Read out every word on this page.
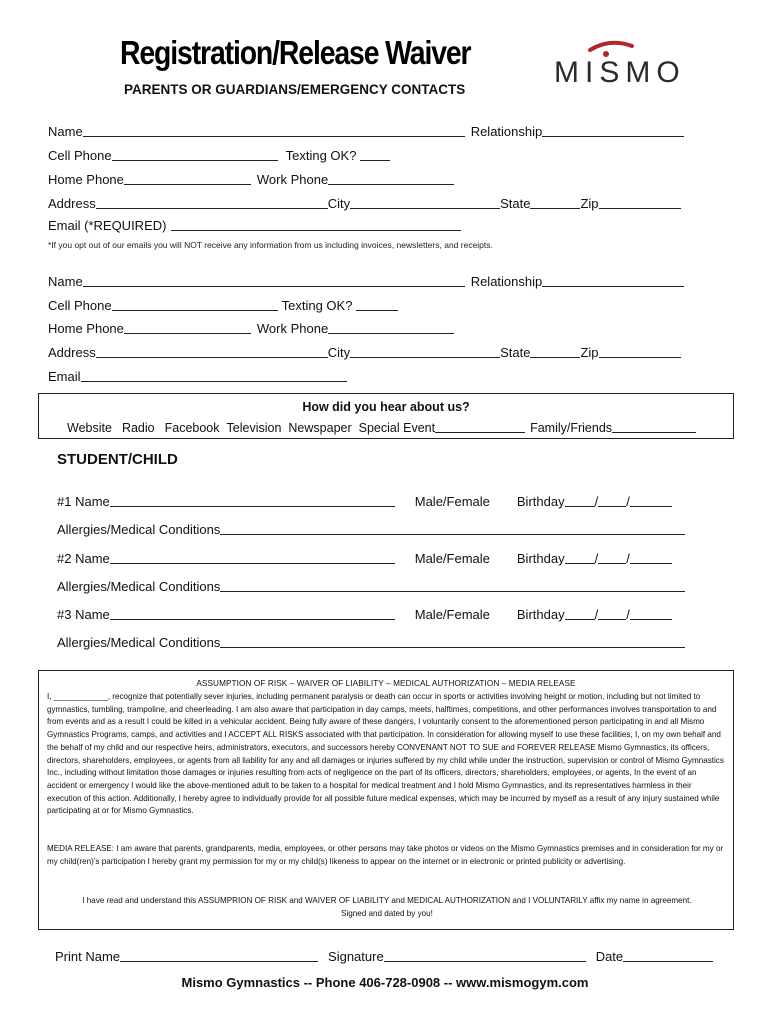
Registration/Release Waiver
PARENTS OR GUARDIANS/EMERGENCY CONTACTS
MISMO
Name	Relationship
Cell Phone	Texting OK?
Home Phone	Work Phone
Address	City	State	Zip
Email (*REQUIRED)
*If you opt out of our emails you will NOT receive any information from us including invoices, newsletters, and receipts.
Name	Relationship
Cell Phone	Texting OK?
Home Phone	Work Phone
Address	City	State	Zip
Email
How did you hear about us?
Website Radio Facebook Television Newspaper Special Event	Family/Friends
STUDENT/CHILD
#1 Name	Male/Female Birthday / /
Allergies/Medical Conditions
#2 Name	Male/Female Birthday / /
Allergies/Medical Conditions
#3 Name	Male/Female Birthday / /
Allergies/Medical Conditions
ASSUMPTION OF RISK – WAIVER OF LIABILITY – MEDICAL AUTHORIZATION – MEDIA RELEASE
I, ____________, recognize that potentially sever injuries, including permanent paralysis or death can occur in sports or activities involving height or motion, including but not limited to gymnastics, tumbling, trampoline, and cheerleading. I am also aware that participation in day camps, meets, halftimes, competitions, and other performances involves transportation to and from events and as a result I could be killed in a vehicular accident. Being fully aware of these dangers, I voluntarily consent to the aforementioned person participating in and all Mismo Gymnastics Programs, camps, and activities and I ACCEPT ALL RISKS associated with that participation. In consideration for allowing myself to use these facilities, I, on my own behalf and the behalf of my child and our respective heirs, administrators, executors, and successors hereby CONVENANT NOT TO SUE and FOREVER RELEASE Mismo Gymnastics, its officers, directors, shareholders, employees, or agents from all liability for any and all damages or injuries suffered by my child while under the instruction, supervision or control of Mismo Gymnastics Inc., including without limitation those damages or injuries resulting from acts of negligence on the part of its officers, directors, shareholders, employees, or agents, In the event of an accident or emergency I would like the above-mentioned adult to be taken to a hospital for medical treatment and I hold Mismo Gymnastics, and its representatives harmless in their execution of this action. Additionally, I hereby agree to individually provide for all possible future medical expenses, which may be incurred by myself as a result of any injury sustained while participating at or for Mismo Gymnastics.
MEDIA RELEASE: I am aware that parents, grandparents, media, employees, or other persons may take photos or videos on the Mismo Gymnastics premises and in consideration for my or my child(ren)’s participation I hereby grant my permission for my or my child(s) likeness to appear on the internet or in electronic or printed publicity or advertising.
I have read and understand this ASSUMPRION OF RISK and WAIVER OF LIABILITY and MEDICAL AUTHORIZATION and I VOLUNTARILY affix my name in agreement.
Signed and dated by you!
Print Name	Signature	Date
Mismo Gymnastics -- Phone 406-728-0908 -- www.mismogym.com
